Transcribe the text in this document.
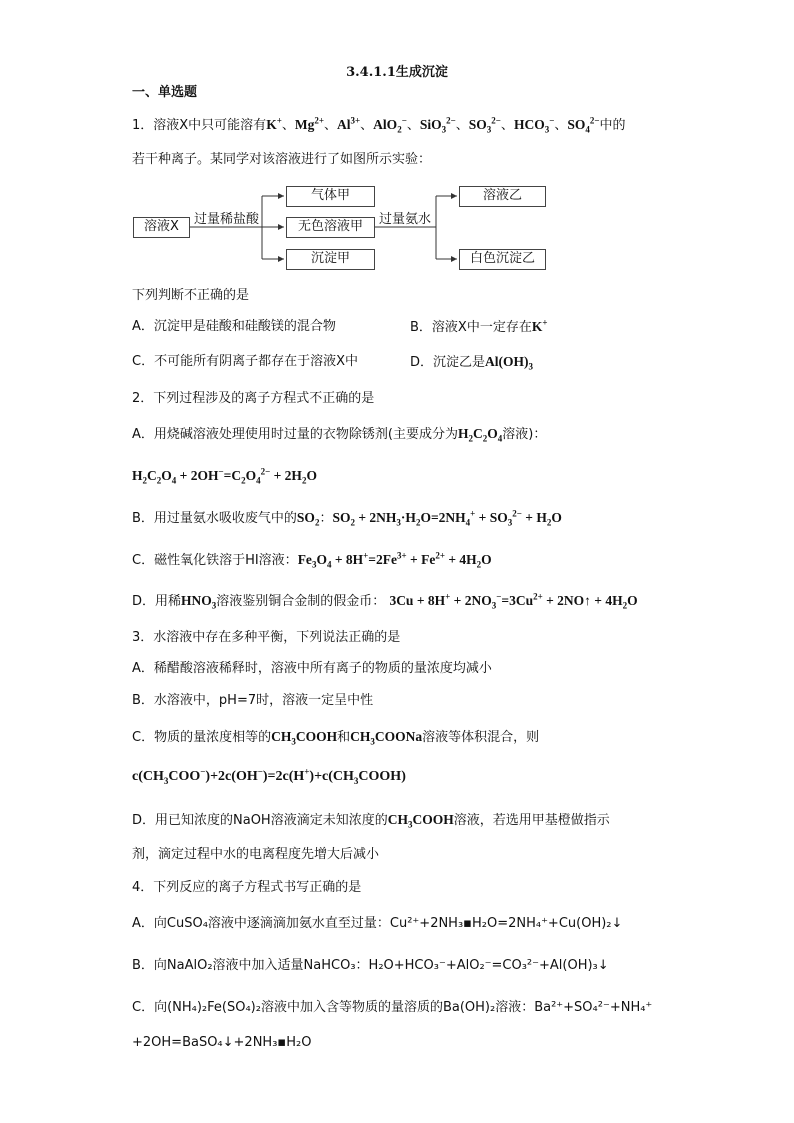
3.4.1.1生成沉淀
一、单选题
1．溶液X中只可能溶有K+、$Mg^{2+}$、$Al^{3+}$、AlO$_2$−、SiO$_3^{2-}$、$SO_3^{2-}$、$HCO_3^-$、$SO_4^{2-}$中的
若干种离子。某同学对该溶液进行了如图所示实验：
溶液X	过量稀盐酸
气体甲
无色溶液甲
沉淀甲
过量氨水
溶液乙
白色沉淀乙
下列判断不正确的是
A．沉淀甲是硅酸和硅酸镁的混合物	B．溶液X中一定存在K+
C．不可能所有阴离子都存在于溶液X中	D．沉淀乙是$Al(OH)_3$
2．下列过程涉及的离子方程式不正确的是
A．用烧碱溶液处理使用时过量的衣物除锈剂(主要成分为$H_2C_2O_4$溶液)：
$H_2C_2O_4 + 2OH^-=C_2O_4^{2-} + 2H_2O$
B．用过量氨水吸收废气中的$SO_2$：$SO_2 + 2NH_3\cdot H_2O=2NH_4^+ + SO_3^{2-} + H_2O$
C．磁性氧化铁溶于HI溶液：$Fe_3O_4 + 8H^+=2Fe^{3+} + Fe^{2+} + 4H_2O$
D．用稀$HNO_3$溶液鉴别铜合金制的假金币： $3Cu + 8H^+ + 2NO_3^-=3Cu^{2+}$ + 2NO↑ + $4H_2O$
3．水溶液中存在多种平衡，下列说法正确的是
A．稀醋酸溶液稀释时，溶液中所有离子的物质的量浓度均减小
B．水溶液中，pH=7时，溶液一定呈中性
C．物质的量浓度相等的$CH_3COOH$和$CH_3COONa$溶液等体积混合，则
$c(CH_3COO^-)+2c(OH^-)=2c(H^+)+c(CH_3COOH)$
D．用已知浓度的NaOH溶液滴定未知浓度的$CH_3COOH$溶液，若选用甲基橙做指示
剂，滴定过程中水的电离程度先增大后减小
4．下列反应的离子方程式书写正确的是
A．向CuSO₄溶液中逐滴滴加氨水直至过量：Cu²⁺+2NH₃▪H₂O=2NH₄⁺+Cu(OH)₂↓
B．向NaAlO₂溶液中加入适量NaHCO₃：H₂O+HCO₃⁻+AlO₂⁻=CO₃²⁻+Al(OH)₃↓
C．向(NH₄)₂Fe(SO₄)₂溶液中加入含等物质的量溶质的Ba(OH)₂溶液：Ba²⁺+SO₄²⁻+NH₄⁺
+2OH=BaSO₄↓+2NH₃▪H₂O
